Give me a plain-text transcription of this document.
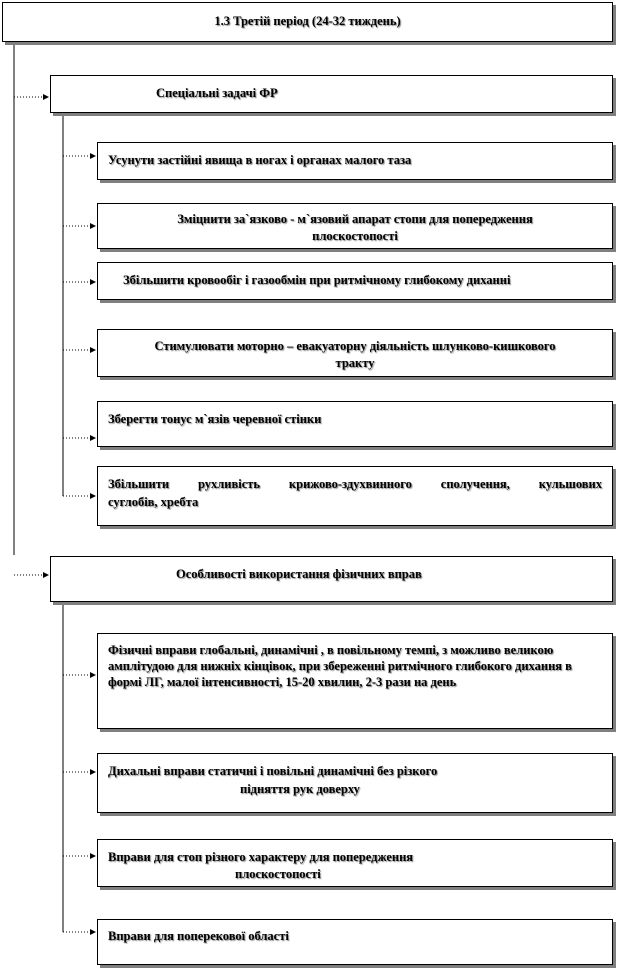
1.3 Третій період (24-32 тиждень)
Спеціальні задачі ФР
Усунути застійні явища в ногах і органах малого таза
Зміцнити за`язково - м`язовий апарат стопи для попередження
плоскостопості
Збільшити кровообіг і газообмін при ритмічному глибокому диханні
Стимулювати моторно – евакуаторну діяльність шлунково-кишкового
тракту
Зберегти тонус м`язів черевної стінки
Збільшити рухливість крижово-здухвинного сполучення, кульшових
суглобів, хребта
Особливості використання фізичних вправ
Фізичні вправи глобальні, динамічні , в повільному темпі, з можливо великою амплітудою для нижніх кінцівок, при збереженні ритмічного глибокого дихання в формі ЛГ, малої інтенсивності, 15-20 хвилин, 2-3 рази на день
Дихальні вправи статичні і повільні динамічні без різкого
підняття рук доверху
Вправи для стоп різного характеру для попередження
плоскостопості
Вправи для поперекової області
